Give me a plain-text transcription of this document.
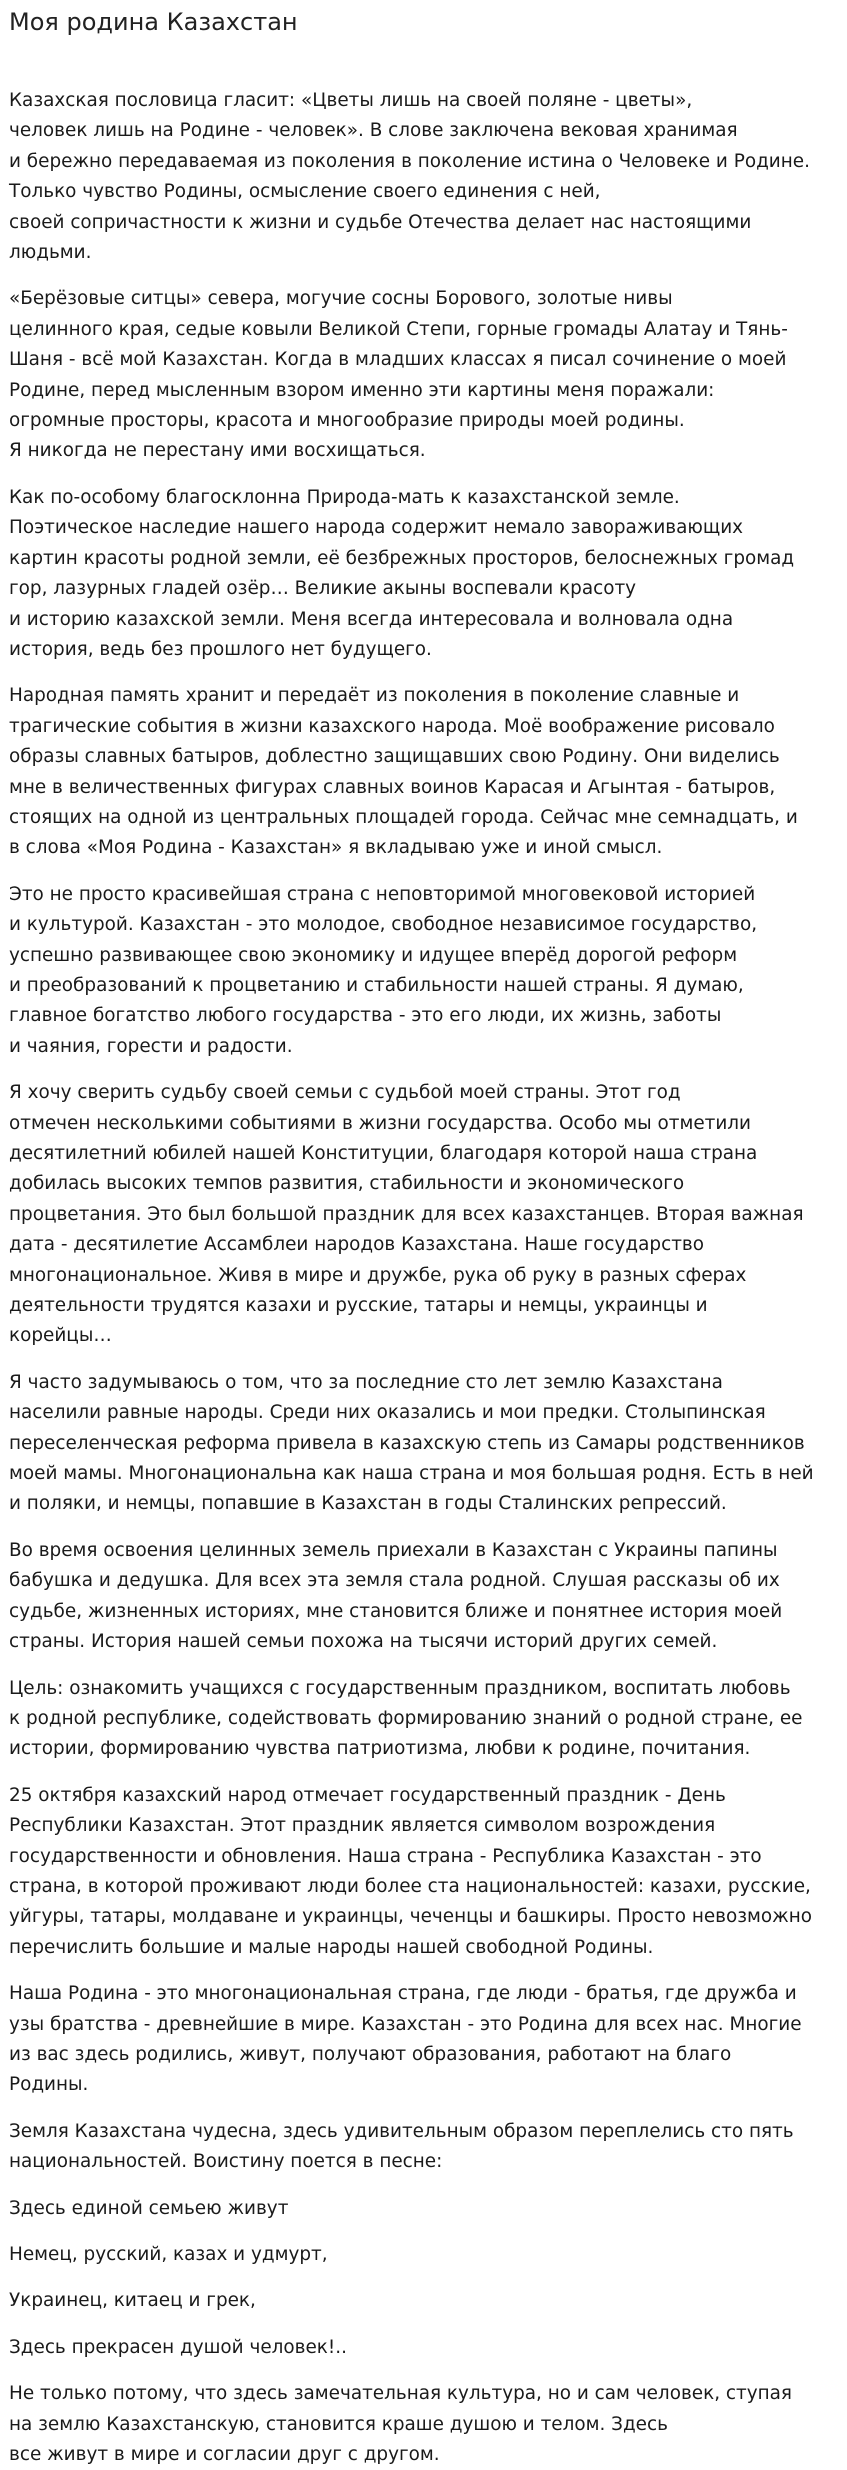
Моя родина Казахстан

Казахская пословица гласит: «Цветы лишь на своей поляне - цветы»,
человек лишь на Родине - человек». В слове заключена вековая хранимая
и бережно передаваемая из поколения в поколение истина о Человеке и Родине.
Только чувство Родины, осмысление своего единения с ней,
своей сопричастности к жизни и судьбе Отечества делает нас настоящими
людьми.

«Берёзовые ситцы» севера, могучие сосны Борового, золотые нивы
целинного края, седые ковыли Великой Степи, горные громады Алатау и Тянь-
Шаня - всё мой Казахстан. Когда в младших классах я писал сочинение о моей
Родине, перед мысленным взором именно эти картины меня поражали:
огромные просторы, красота и многообразие природы моей родины.
Я никогда не перестану ими восхищаться.

Как по-особому благосклонна Природа-мать к казахстанской земле.
Поэтическое наследие нашего народа содержит немало завораживающих
картин красоты родной земли, её безбрежных просторов, белоснежных громад
гор, лазурных гладей озёр… Великие акыны воспевали красоту
и историю казахской земли. Меня всегда интересовала и волновала одна
история, ведь без прошлого нет будущего.

Народная память хранит и передаёт из поколения в поколение славные и
трагические события в жизни казахского народа. Моё воображение рисовало
образы славных батыров, доблестно защищавших свою Родину. Они виделись
мне в величественных фигурах славных воинов Карасая и Агынтая - батыров,
стоящих на одной из центральных площадей города. Сейчас мне семнадцать, и
в слова «Моя Родина - Казахстан» я вкладываю уже и иной смысл.

Это не просто красивейшая страна с неповторимой многовековой историей
и культурой. Казахстан - это молодое, свободное независимое государство,
успешно развивающее свою экономику и идущее вперёд дорогой реформ
и преобразований к процветанию и стабильности нашей страны. Я думаю,
главное богатство любого государства - это его люди, их жизнь, заботы
и чаяния, горести и радости.

Я хочу сверить судьбу своей семьи с судьбой моей страны. Этот год
отмечен несколькими событиями в жизни государства. Особо мы отметили
десятилетний юбилей нашей Конституции, благодаря которой наша страна
добилась высоких темпов развития, стабильности и экономического
процветания. Это был большой праздник для всех казахстанцев. Вторая важная
дата - десятилетие Ассамблеи народов Казахстана. Наше государство
многонациональное. Живя в мире и дружбе, рука об руку в разных сферах
деятельности трудятся казахи и русские, татары и немцы, украинцы и
корейцы…

Я часто задумываюсь о том, что за последние сто лет землю Казахстана
населили равные народы. Среди них оказались и мои предки. Столыпинская
переселенческая реформа привела в казахскую степь из Самары родственников
моей мамы. Многонациональна как наша страна и моя большая родня. Есть в ней
и поляки, и немцы, попавшие в Казахстан в годы Сталинских репрессий.

Во время освоения целинных земель приехали в Казахстан с Украины папины
бабушка и дедушка. Для всех эта земля стала родной. Слушая рассказы об их
судьбе, жизненных историях, мне становится ближе и понятнее история моей
страны. История нашей семьи похожа на тысячи историй других семей.

Цель: ознакомить учащихся с государственным праздником, воспитать любовь
к родной республике, содействовать формированию знаний о родной стране, ее
истории, формированию чувства патриотизма, любви к родине, почитания.

25 октября казахский народ отмечает государственный праздник - День
Республики Казахстан. Этот праздник является символом возрождения
государственности и обновления. Наша страна - Республика Казахстан - это
страна, в которой проживают люди более ста национальностей: казахи, русские,
уйгуры, татары, молдаване и украинцы, чеченцы и башкиры. Просто невозможно
перечислить большие и малые народы нашей свободной Родины.

Наша Родина - это многонациональная страна, где люди - братья, где дружба и
узы братства - древнейшие в мире. Казахстан - это Родина для всех нас. Многие
из вас здесь родились, живут, получают образования, работают на благо
Родины.

Земля Казахстана чудесна, здесь удивительным образом переплелись сто пять
национальностей. Воистину поется в песне:

Здесь единой семьею живут

Немец, русский, казах и удмурт,

Украинец, китаец и грек,

Здесь прекрасен душой человек!..

Не только потому, что здесь замечательная культура, но и сам человек, ступая
на землю Казахстанскую, становится краше душою и телом. Здесь
все живут в мире и согласии друг с другом.
